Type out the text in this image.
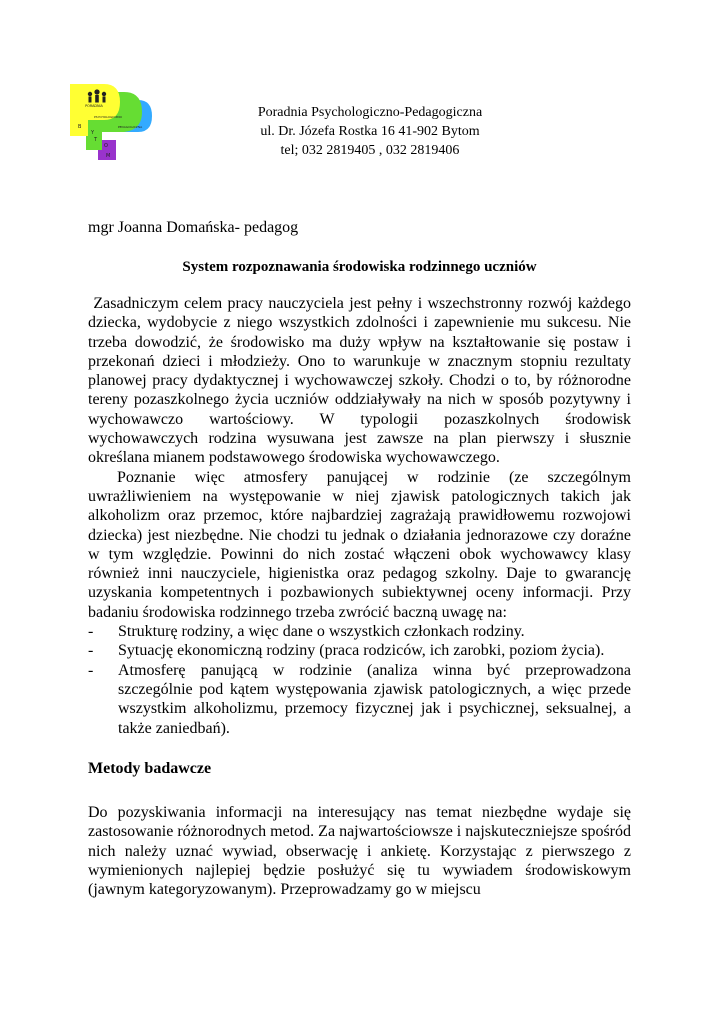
PORADNIA
PSYCHOLOGICZNO
PEDAGOGICZNA
B
Y
T
O
M
Poradnia Psychologiczno-Pedagogiczna
ul. Dr. Józefa Rostka 16 41-902 Bytom
tel; 032 2819405 , 032 2819406
mgr Joanna Domańska- pedagog
System rozpoznawania środowiska rodzinnego uczniów

Zasadniczym celem pracy nauczyciela jest pełny i wszechstronny rozwój każdego dziecka, wydobycie z niego wszystkich zdolności i zapewnienie mu sukcesu. Nie trzeba dowodzić, że środowisko ma duży wpływ na kształtowanie się postaw i przekonań dzieci i młodzieży. Ono to warunkuje w znacznym stopniu rezultaty planowej pracy dydaktycznej i wychowawczej szkoły. Chodzi o to, by różnorodne tereny pozaszkolnego życia uczniów oddziaływały na nich w sposób pozytywny i wychowawczo wartościowy. W typologii pozaszkolnych środowisk wychowawczych rodzina wysuwana jest zawsze na plan pierwszy i słusznie określana mianem podstawowego środowiska wychowawczego.

Poznanie więc atmosfery panującej w rodzinie (ze szczególnym uwrażliwieniem na występowanie w niej zjawisk patologicznych takich jak alkoholizm oraz przemoc, które najbardziej zagrażają prawidłowemu rozwojowi dziecka) jest niezbędne. Nie chodzi tu jednak o działania jednorazowe czy doraźne w tym względzie. Powinni do nich zostać włączeni obok wychowawcy klasy również inni nauczyciele, higienistka oraz pedagog szkolny. Daje to gwarancję uzyskania kompetentnych i pozbawionych subiektywnej oceny informacji. Przy badaniu środowiska rodzinnego trzeba zwrócić baczną uwagę na:

- Strukturę rodziny, a więc dane o wszystkich członkach rodziny.
- Sytuację ekonomiczną rodziny (praca rodziców, ich zarobki, poziom życia).
- Atmosferę panującą w rodzinie (analiza winna być przeprowadzona szczególnie pod kątem występowania zjawisk patologicznych, a więc przede wszystkim alkoholizmu, przemocy fizycznej jak i psychicznej, seksualnej, a także zaniedbań).
Metody badawcze

Do pozyskiwania informacji na interesujący nas temat niezbędne wydaje się zastosowanie różnorodnych metod. Za najwartościowsze i najskuteczniejsze spośród nich należy uznać wywiad, obserwację i ankietę. Korzystając z pierwszego z wymienionych najlepiej będzie posłużyć się tu wywiadem środowiskowym (jawnym kategoryzowanym). Przeprowadzamy go w miejscu
